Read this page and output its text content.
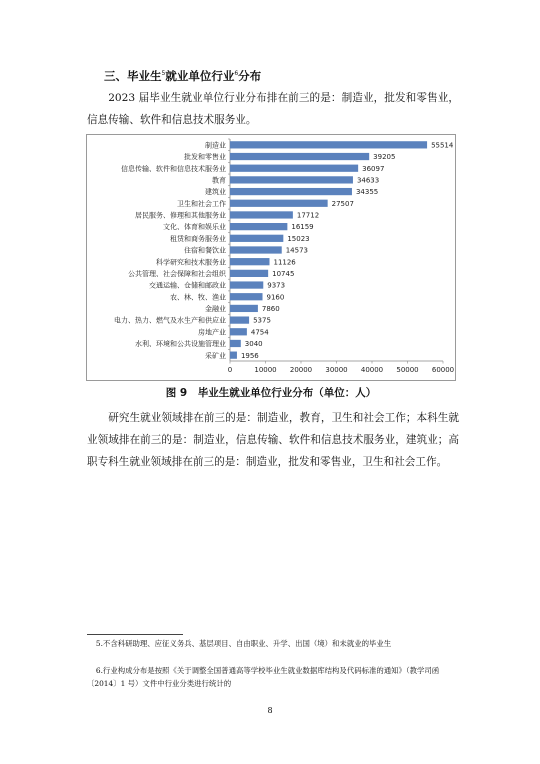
三、毕业生$^5$就业单位行业$^6$分布

2023 届毕业生就业单位行业分布排在前三的是：制造业，批发和零售业，信息传输、软件和信息技术服务业。

制造业	55514
批发和零售业	39205
信息传输、软件和信息技术服务业	36097
教育	34633
建筑业	34355
卫生和社会工作	27507
居民服务、修理和其他服务业	17712
文化、体育和娱乐业	16159
租赁和商务服务业	15023
住宿和餐饮业	14573
科学研究和技术服务业	11126
公共管理、社会保障和社会组织	10745
交通运输、仓储和邮政业	9373
农、林、牧、渔业	9160
金融业	7860
电力、热力、燃气及水生产和供应业	5375
房地产业	4754
水利、环境和公共设施管理业	3040
采矿业 1956
0	10000 20000 30000 40000 50000 60000
图 9　毕业生就业单位行业分布（单位：人）

研究生就业领域排在前三的是：制造业，教育，卫生和社会工作；本科生就业领域排在前三的是：制造业，信息传输、软件和信息技术服务业，建筑业；高职专科生就业领域排在前三的是：制造业，批发和零售业，卫生和社会工作。

5.不含科研助理、应征义务兵、基层项目、自由职业、升学、出国（境）和未就业的毕业生

6.行业构成分布是按照《关于调整全国普通高等学校毕业生就业数据库结构及代码标准的通知》（教学司函〔2014〕1 号）文件中行业分类进行统计的

8
